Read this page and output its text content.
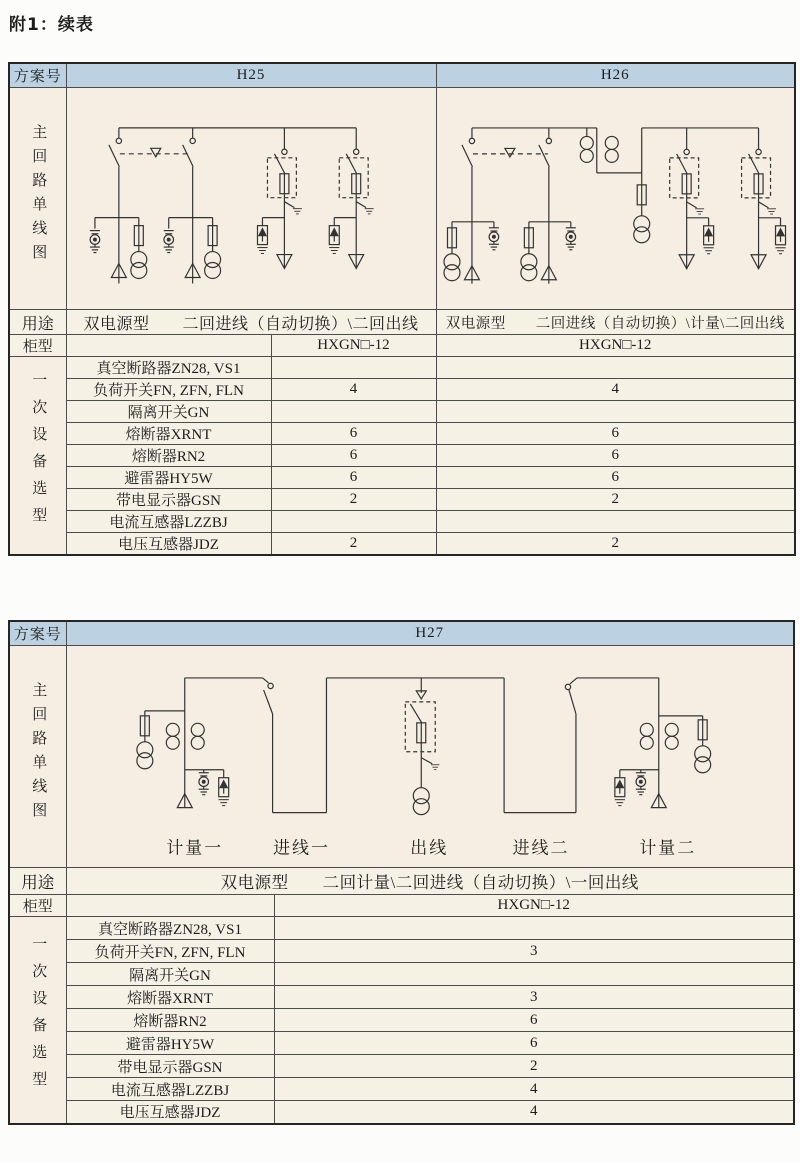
附1：续表
方案号	H25		H26
主回路单线图	

用途	双电源型　　二回进线（自动切换）\二回出线		双电源型　　二回进线（自动切换）\计量\二回出线
柜型		HXGN□-12	HXGN□-12
一次设备选型	真空断路器ZN28, VS1		
	负荷开关FN, ZFN, FLN	4	4
	隔离开关GN		
	熔断器XRNT	6	6
	熔断器RN2	6	6
	避雷器HY5W	6	6
	带电显示器GSN	2	2
	电流互感器LZZBJ		
	电压互感器JDZ	2	2
方案号	H27	
主回路单线图	计量一 进线一 出线 进线二 计量二	

用途	双电源型　　二回计量\二回进线（自动切换）\一回出线	
柜型		HXGN□-12
一次设备选型	真空断路器ZN28, VS1	
	负荷开关FN, ZFN, FLN	3
	隔离开关GN	
	熔断器XRNT	3
	熔断器RN2	6
	避雷器HY5W	6
	带电显示器GSN	2
	电流互感器LZZBJ	4
	电压互感器JDZ	4
